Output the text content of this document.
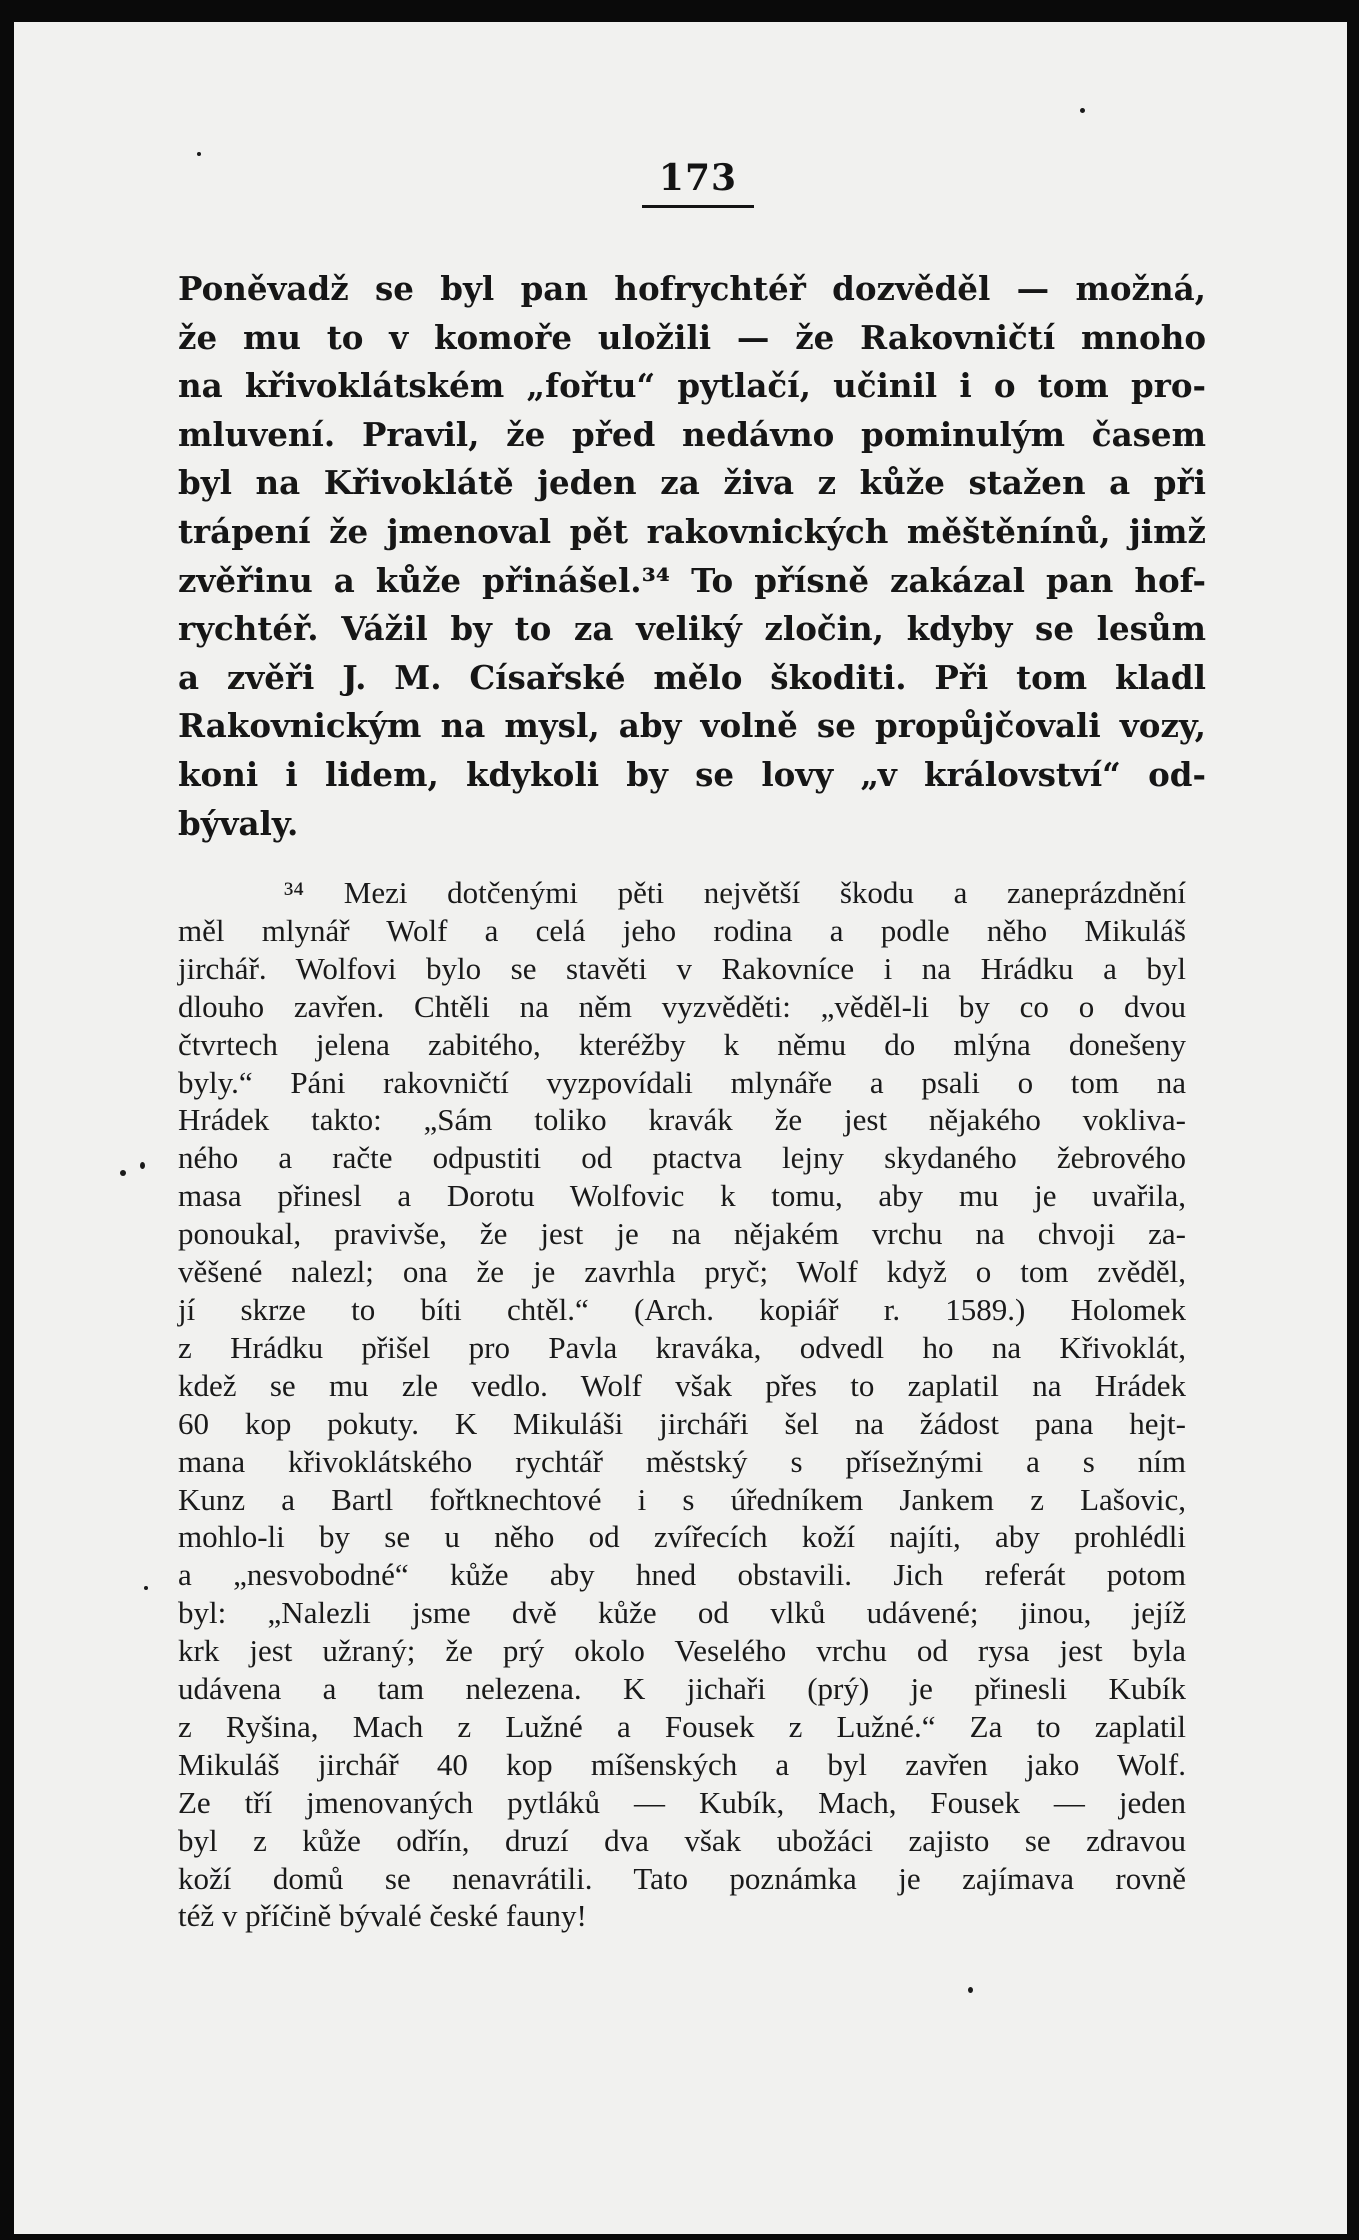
173
Poněvadž se byl pan hofrychtéř dozvěděl — možná,
že mu to v komoře uložili — že Rakovničtí mnoho
na křivoklátském „fořtu“ pytlačí, učinil i o tom pro-
mluvení. Pravil, že před nedávno pominulým časem
byl na Křivoklátě jeden za živa z kůže stažen a při
trápení že jmenoval pět rakovnických měštěnínů, jimž
zvěřinu a kůže přinášel.³⁴ To přísně zakázal pan hof-
rychtéř. Vážil by to za veliký zločin, kdyby se lesům
a zvěři J. M. Císařské mělo škoditi. Při tom kladl
Rakovnickým na mysl, aby volně se propůjčovali vozy,
koni i lidem, kdykoli by se lovy „v království“ od-
bývaly.
³⁴ Mezi dotčenými pěti největší škodu a zaneprázdnění
měl mlynář Wolf a celá jeho rodina a podle něho Mikuláš
jirchář. Wolfovi bylo se stavěti v Rakovníce i na Hrádku a byl
dlouho zavřen. Chtěli na něm vyzvěděti: „věděl-li by co o dvou
čtvrtech jelena zabitého, kteréžby k němu do mlýna donešeny
byly.“ Páni rakovničtí vyzpovídali mlynáře a psali o tom na
Hrádek takto: „Sám toliko kravák že jest nějakého vokliva-
ného a račte odpustiti od ptactva lejny skydaného žebrového
masa přinesl a Dorotu Wolfovic k tomu, aby mu je uvařila,
ponoukal, pravivše, že jest je na nějakém vrchu na chvoji za-
věšené nalezl; ona že je zavrhla pryč; Wolf když o tom zvěděl,
jí skrze to bíti chtěl.“ (Arch. kopiář r. 1589.) Holomek
z Hrádku přišel pro Pavla kraváka, odvedl ho na Křivoklát,
kdež se mu zle vedlo. Wolf však přes to zaplatil na Hrádek
60 kop pokuty. K Mikuláši jircháři šel na žádost pana hejt-
mana křivoklátského rychtář městský s přísežnými a s ním
Kunz a Bartl fořtknechtové i s úředníkem Jankem z Lašovic,
mohlo-li by se u něho od zvířecích koží najíti, aby prohlédli
a „nesvobodné“ kůže aby hned obstavili. Jich referát potom
byl: „Nalezli jsme dvě kůže od vlků udávené; jinou, jejíž
krk jest užraný; že prý okolo Veselého vrchu od rysa jest byla
udávena a tam nelezena. K jichaři (prý) je přinesli Kubík
z Ryšina, Mach z Lužné a Fousek z Lužné.“ Za to zaplatil
Mikuláš jirchář 40 kop míšenských a byl zavřen jako Wolf.
Ze tří jmenovaných pytláků — Kubík, Mach, Fousek — jeden
byl z kůže odřín, druzí dva však ubožáci zajisto se zdravou
koží domů se nenavrátili. Tato poznámka je zajímava rovně
též v příčině bývalé české fauny!
